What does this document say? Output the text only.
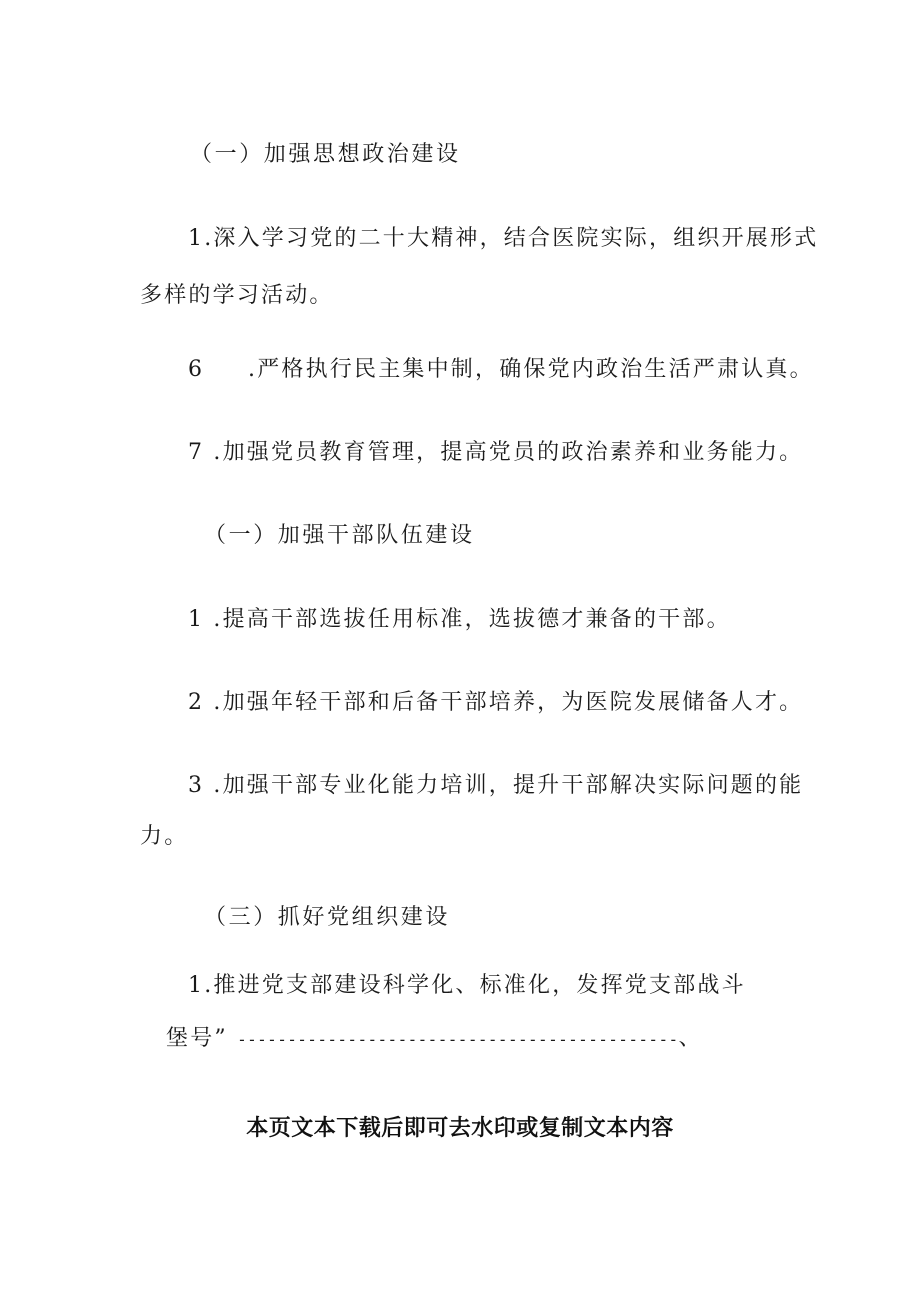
（一）加强思想政治建设
1.深入学习党的二十大精神，结合医院实际，组织开展形式
多样的学习活动。
6 .严格执行民主集中制，确保党内政治生活严肃认真。
7 .加强党员教育管理，提高党员的政治素养和业务能力。
（一）加强干部队伍建设
1 .提高干部选拔任用标准，选拔德才兼备的干部。
2 .加强年轻干部和后备干部培养，为医院发展储备人才。
3 .加强干部专业化能力培训，提升干部解决实际问题的能
力。
（三）抓好党组织建设
1.推进党支部建设科学化、标准化，发挥党支部战斗
堡号” --------------------------------------------、
本页文本下载后即可去水印或复制文本内容
